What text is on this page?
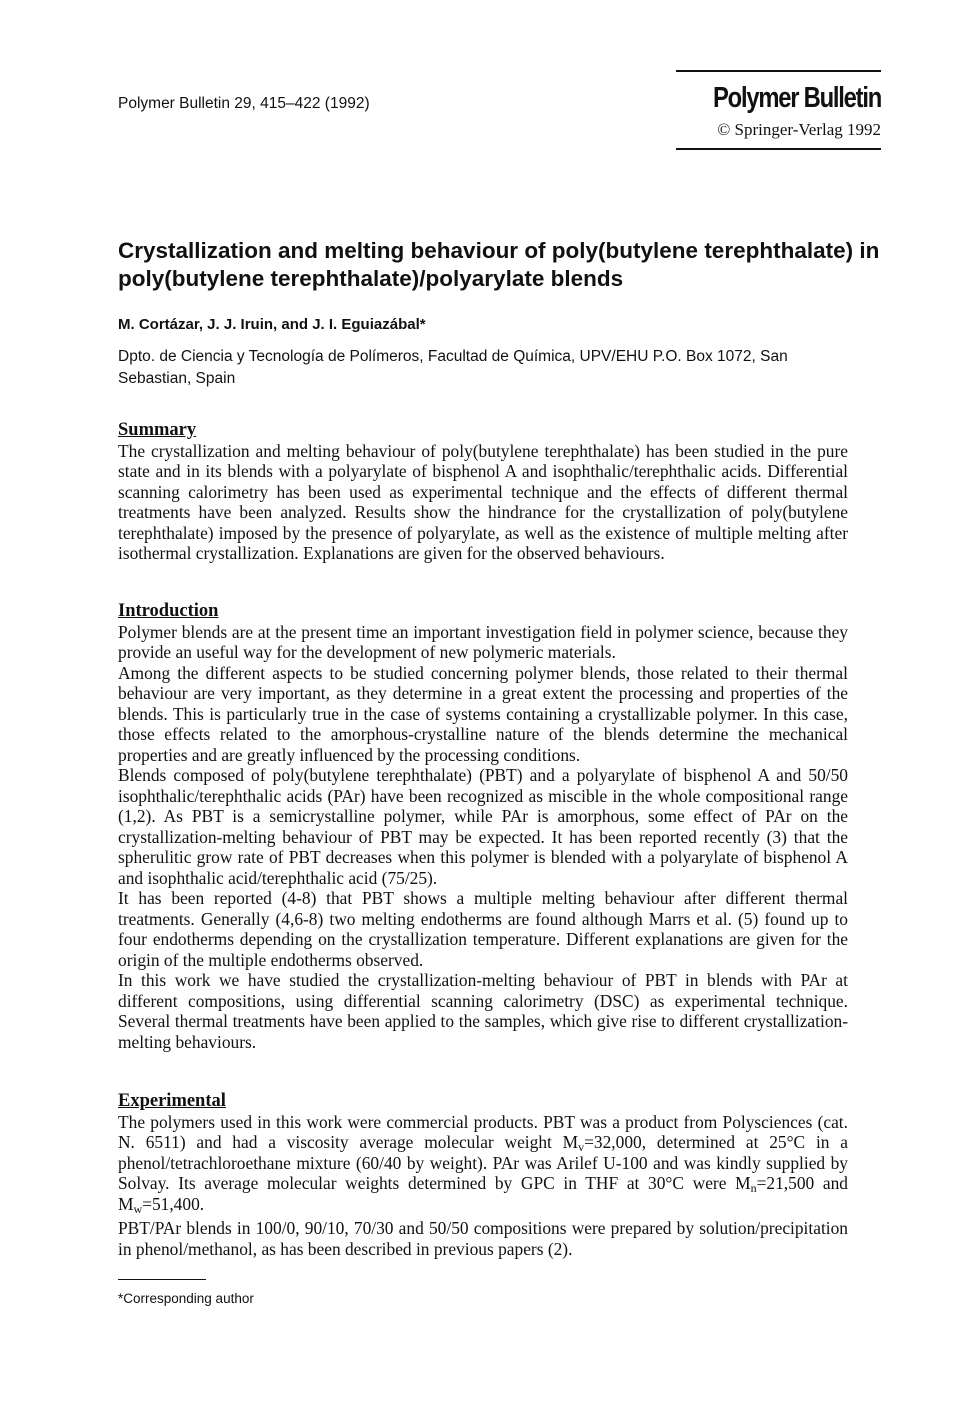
Polymer Bulletin 29, 415–422 (1992)	Polymer Bulletin
© Springer-Verlag 1992
Crystallization and melting behaviour of poly(butylene terephthalate) in poly(butylene terephthalate)/polyarylate blends
M. Cortázar, J. J. Iruin, and J. I. Eguiazábal*
Dpto. de Ciencia y Tecnología de Polímeros, Facultad de Química, UPV/EHU P.O. Box 1072, San Sebastian, Spain
Summary

The crystallization and melting behaviour of poly(butylene terephthalate) has been studied in the pure state and in its blends with a polyarylate of bisphenol A and isophthalic/terephthalic acids. Differential scanning calorimetry has been used as experimental technique and the effects of different thermal treatments have been analyzed. Results show the hindrance for the crystallization of poly(butylene terephthalate) imposed by the presence of polyarylate, as well as the existence of multiple melting after isothermal crystallization. Explanations are given for the observed behaviours.

Introduction

Polymer blends are at the present time an important investigation field in polymer science, because they provide an useful way for the development of new polymeric materials.

Among the different aspects to be studied concerning polymer blends, those related to their thermal behaviour are very important, as they determine in a great extent the processing and properties of the blends. This is particularly true in the case of systems containing a crystallizable polymer. In this case, those effects related to the amorphous-crystalline nature of the blends determine the mechanical properties and are greatly influenced by the processing conditions.

Blends composed of poly(butylene terephthalate) (PBT) and a polyarylate of bisphenol A and 50/50 isophthalic/terephthalic acids (PAr) have been recognized as miscible in the whole compositional range (1,2). As PBT is a semicrystalline polymer, while PAr is amorphous, some effect of PAr on the crystallization-melting behaviour of PBT may be expected. It has been reported recently (3) that the spherulitic grow rate of PBT decreases when this polymer is blended with a polyarylate of bisphenol A and isophthalic acid/terephthalic acid (75/25).

It has been reported (4-8) that PBT shows a multiple melting behaviour after different thermal treatments. Generally (4,6-8) two melting endotherms are found although Marrs et al. (5) found up to four endotherms depending on the crystallization temperature. Different explanations are given for the origin of the multiple endotherms observed.

In this work we have studied the crystallization-melting behaviour of PBT in blends with PAr at different compositions, using differential scanning calorimetry (DSC) as experimental technique. Several thermal treatments have been applied to the samples, which give rise to different crystallization-melting behaviours.

Experimental

The polymers used in this work were commercial products. PBT was a product from Polysciences (cat. N. 6511) and had a viscosity average molecular weight $M_v=32,000$, determined at 25°C in a phenol/tetrachloroethane mixture (60/40 by weight). PAr was Arilef U-100 and was kindly supplied by Solvay. Its average molecular weights determined by GPC in THF at 30°C were $M_n=21,500$ and $M_w=51,400$.

PBT/PAr blends in 100/0, 90/10, 70/30 and 50/50 compositions were prepared by solution/precipitation in phenol/methanol, as has been described in previous papers (2).

*Corresponding author
